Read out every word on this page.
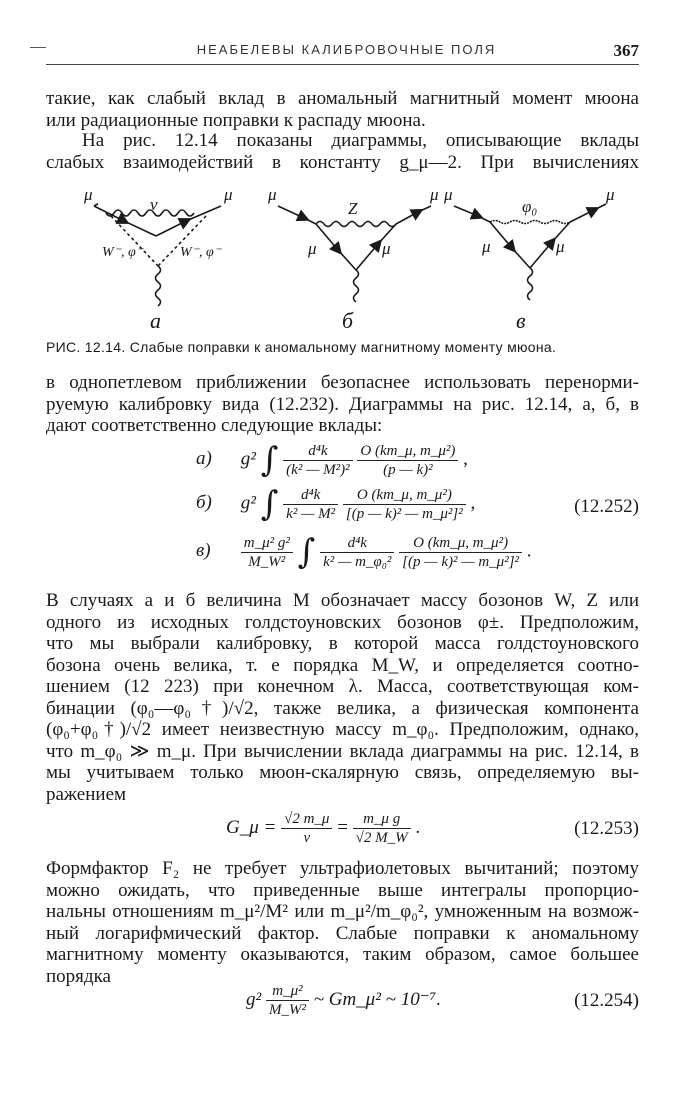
НЕАБЕЛЕВЫ КАЛИБРОВОЧНЫЕ ПОЛЯ	367
такие, как слабый вклад в аномальный магнитный момент мюона
или радиационные поправки к распаду мюона.
На рис. 12.14 показаны диаграммы, описывающие вклады
слабых взаимодействий в константу g_μ—2. При вычислениях
μ	μ
ν
W⁻, φ⁻	W⁻, φ⁻
а
μ	μ
Z
μ	μ
б
μ	μ
φ₀
μ	μ
в
РИС. 12.14. Слабые поправки к аномальному магнитному моменту мюона.
в однопетлевом приближении безопаснее использовать перенорми-
руемую калибровку вида (12.232). Диаграммы на рис. 12.14, а, б, в
дают соответственно следующие вклады:
а) g² ∫ $\frac{\text{d⁴k}}{\text{(k² — M²)²}}$
$\frac{\text{O (km\_μ, m\_μ²)}}{\text{(p — k)²}}$ ,
б) g² ∫ $\frac{\text{d⁴k}}{\text{k² — M²}}$
$\frac{\text{O (km\_μ, m\_μ²)}}{\text{[(p — k)² — m\_μ²]²}}$ ,	(12.252)
$в) \frac{\text{m\_μ² g²}}{\text{M\_W²}}$ ∫ $\frac{\text{d⁴k}}{\text{k² — m\_φ₀²}}$
$\frac{\text{O (km\_μ, m\_μ²)}}{\text{[(p — k)² — m\_μ²]²}}$ .
В случаях а и б величина M обозначает массу бозонов W, Z или
одного из исходных голдстоуновских бозонов φ±. Предположим,
что мы выбрали калибровку, в которой масса голдстоуновского
бозона очень велика, т. е порядка M_W, и определяется соотно-
шением (12 223) при конечном λ. Масса, соответствующая ком-
бинации (φ₀—φ₀†)/√2, также велика, а физическая компонента
(φ₀+φ₀†)/√2 имеет неизвестную массу m_φ₀. Предположим, однако,
что m_φ₀ ≫ m_μ. При вычислении вклада диаграммы на рис. 12.14, в
мы учитываем только мюон-скалярную связь, определяемую вы-
ражением
G_μ = $\frac{√2 m\_\mu}{v} = \frac{\text{m\_μ g}}{√2 M\_W}$ .	(12.253)
Формфактор F₂ не требует ультрафиолетовых вычитаний; поэтому
можно ожидать, что приведенные выше интегралы пропорцио-
нальны отношениям m_μ²/M² или m_μ²/m_φ₀², умноженным на возмож-
ный логарифмический фактор. Слабые поправки к аномальному
магнитному моменту оказываются, таким образом, самое большее
порядка
$g^2 \frac{\text{m\_μ²}}{\text{M\_W²}}$ ~ Gm_μ² ~ 10⁻⁷.	(12.254)
